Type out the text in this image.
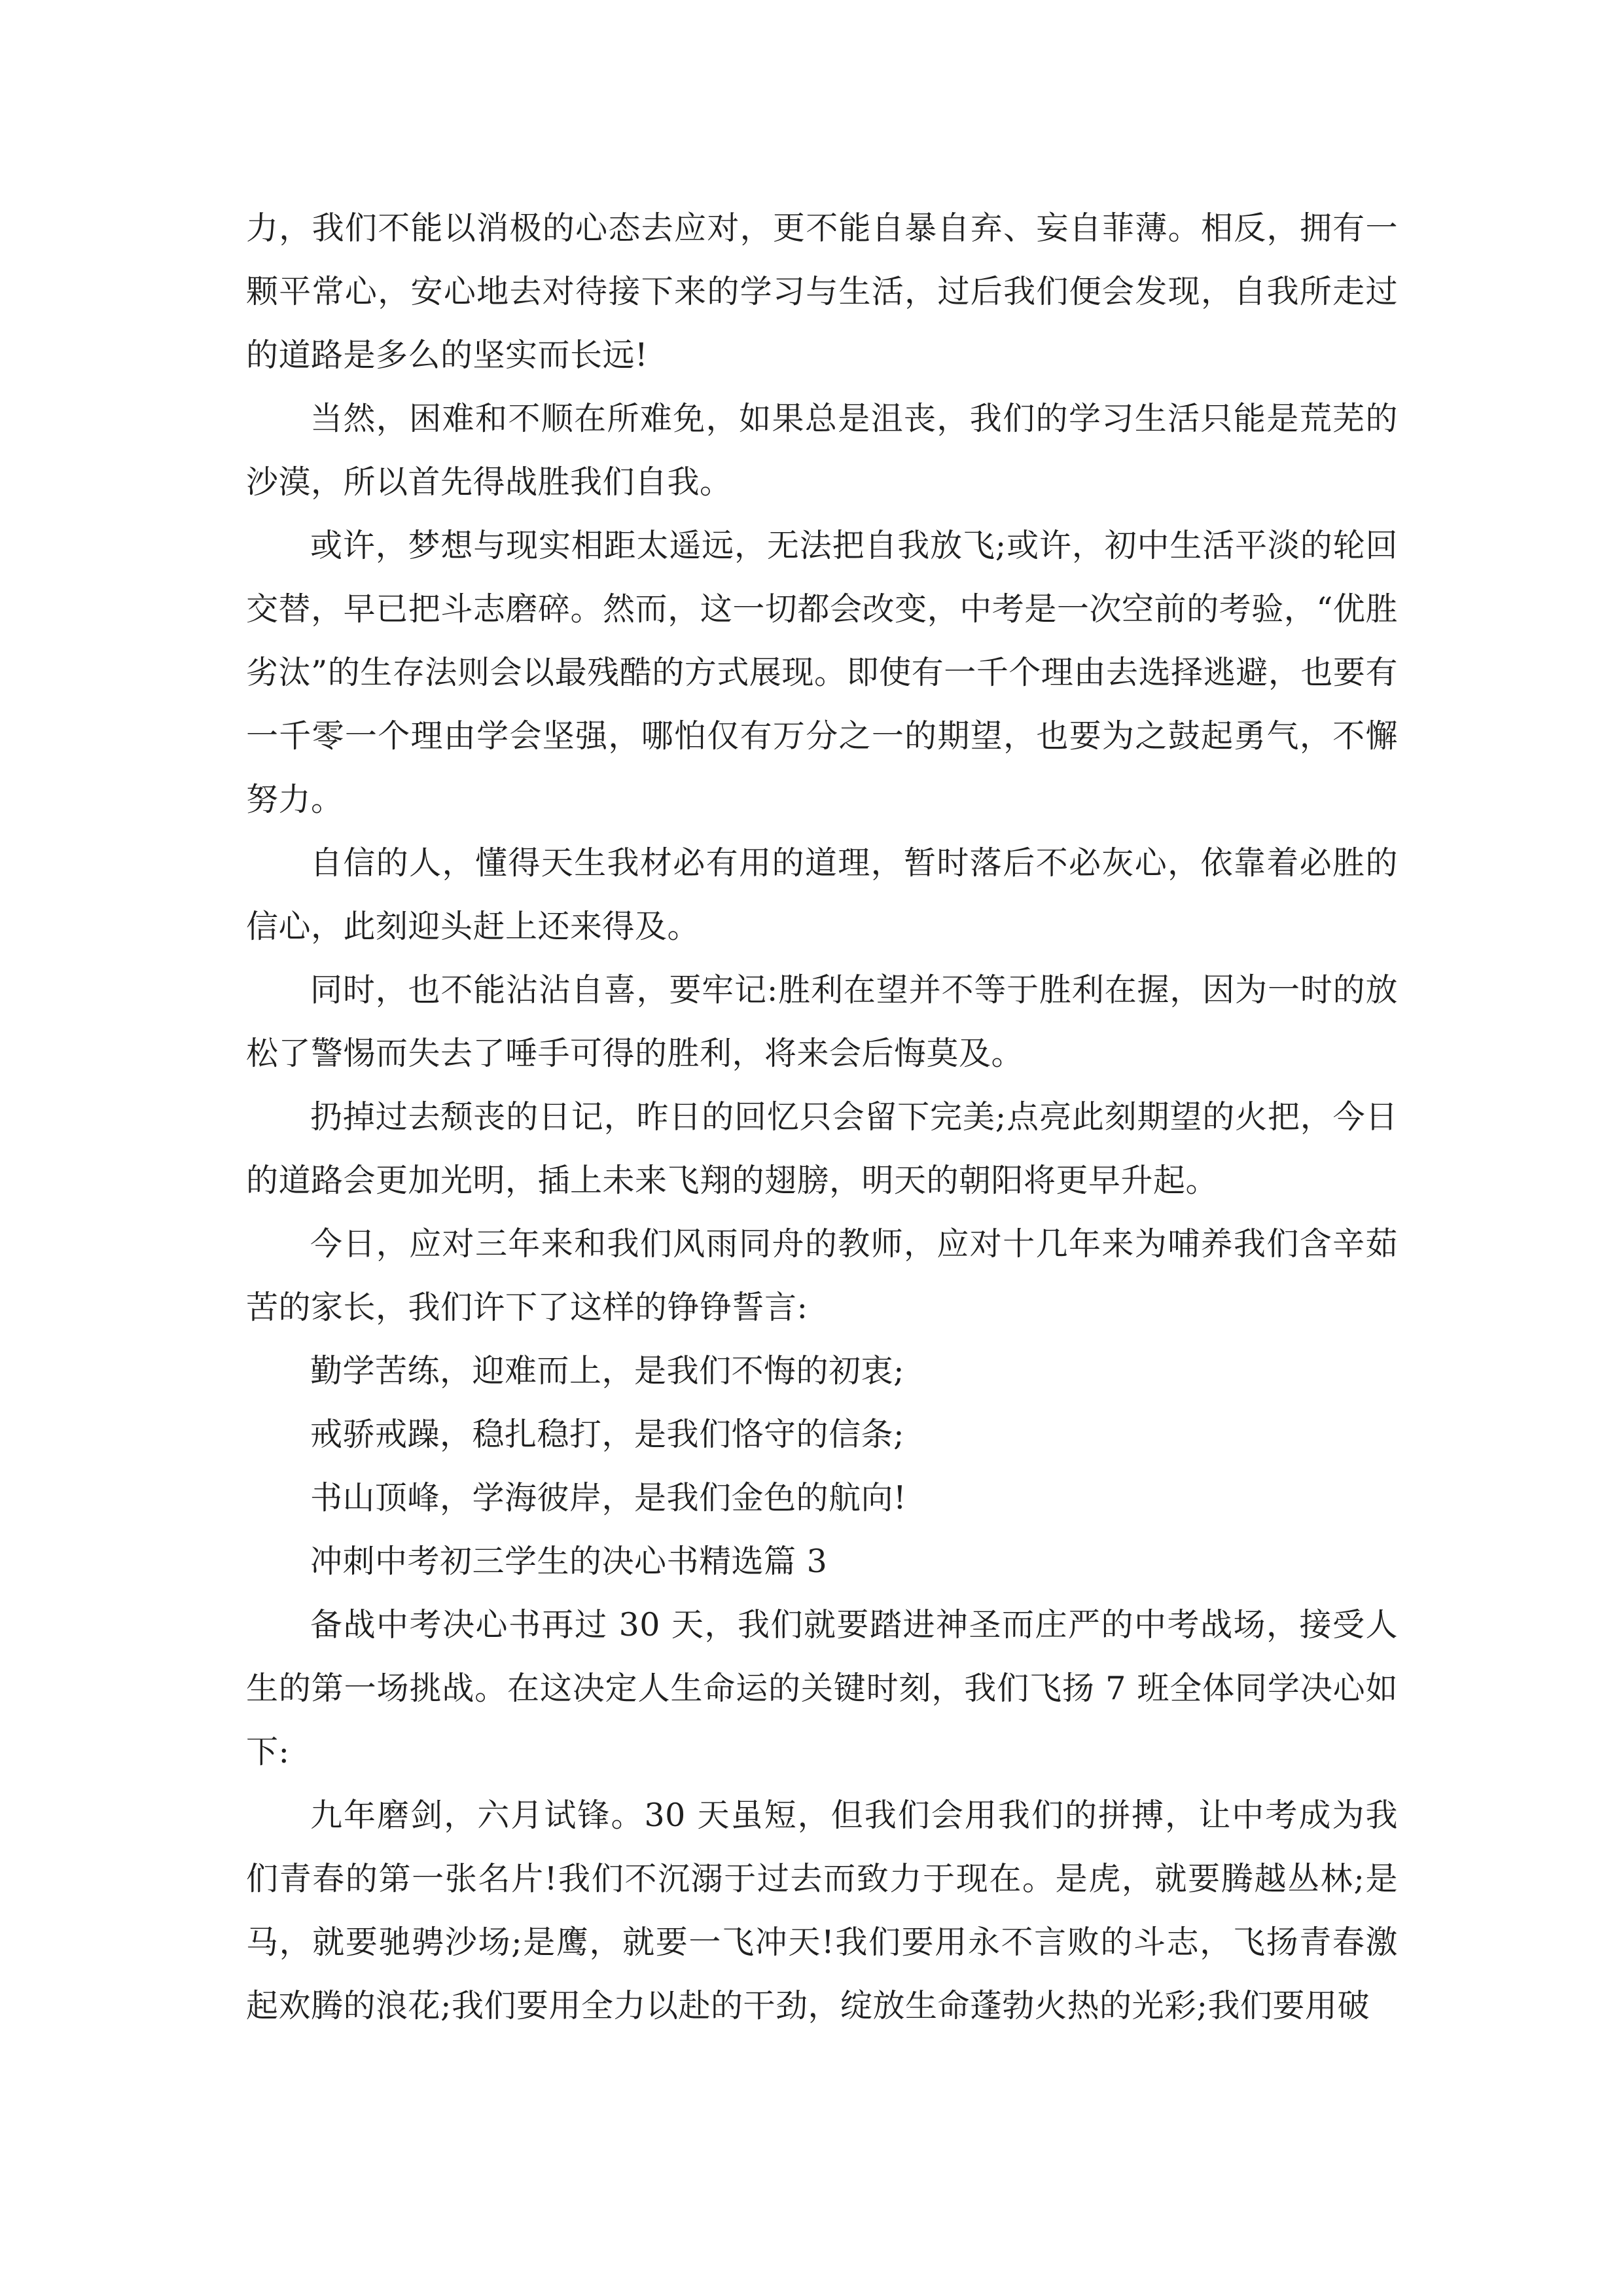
力，我们不能以消极的心态去应对，更不能自暴自弃、妄自菲薄。相反，拥有一颗平常心，安心地去对待接下来的学习与生活，过后我们便会发现，自我所走过的道路是多么的坚实而长远!

当然，困难和不顺在所难免，如果总是沮丧，我们的学习生活只能是荒芜的沙漠，所以首先得战胜我们自我。

或许，梦想与现实相距太遥远，无法把自我放飞;或许，初中生活平淡的轮回交替，早已把斗志磨碎。然而，这一切都会改变，中考是一次空前的考验，“优胜劣汰”的生存法则会以最残酷的方式展现。即使有一千个理由去选择逃避，也要有一千零一个理由学会坚强，哪怕仅有万分之一的期望，也要为之鼓起勇气，不懈努力。

自信的人，懂得天生我材必有用的道理，暂时落后不必灰心，依靠着必胜的信心，此刻迎头赶上还来得及。

同时，也不能沾沾自喜，要牢记:胜利在望并不等于胜利在握，因为一时的放松了警惕而失去了唾手可得的胜利，将来会后悔莫及。

扔掉过去颓丧的日记，昨日的回忆只会留下完美;点亮此刻期望的火把，今日的道路会更加光明，插上未来飞翔的翅膀，明天的朝阳将更早升起。

今日，应对三年来和我们风雨同舟的教师，应对十几年来为哺养我们含辛茹苦的家长，我们许下了这样的铮铮誓言:

勤学苦练，迎难而上，是我们不悔的初衷;

戒骄戒躁，稳扎稳打，是我们恪守的信条;

书山顶峰，学海彼岸，是我们金色的航向!

冲刺中考初三学生的决心书精选篇 3

备战中考决心书再过 30 天，我们就要踏进神圣而庄严的中考战场，接受人生的第一场挑战。在这决定人生命运的关键时刻，我们飞扬 7 班全体同学决心如下:

九年磨剑，六月试锋。30 天虽短，但我们会用我们的拼搏，让中考成为我们青春的第一张名片!我们不沉溺于过去而致力于现在。是虎，就要腾越丛林;是马，就要驰骋沙场;是鹰，就要一飞冲天!我们要用永不言败的斗志，飞扬青春激起欢腾的浪花;我们要用全力以赴的干劲，绽放生命蓬勃火热的光彩;我们要用破
